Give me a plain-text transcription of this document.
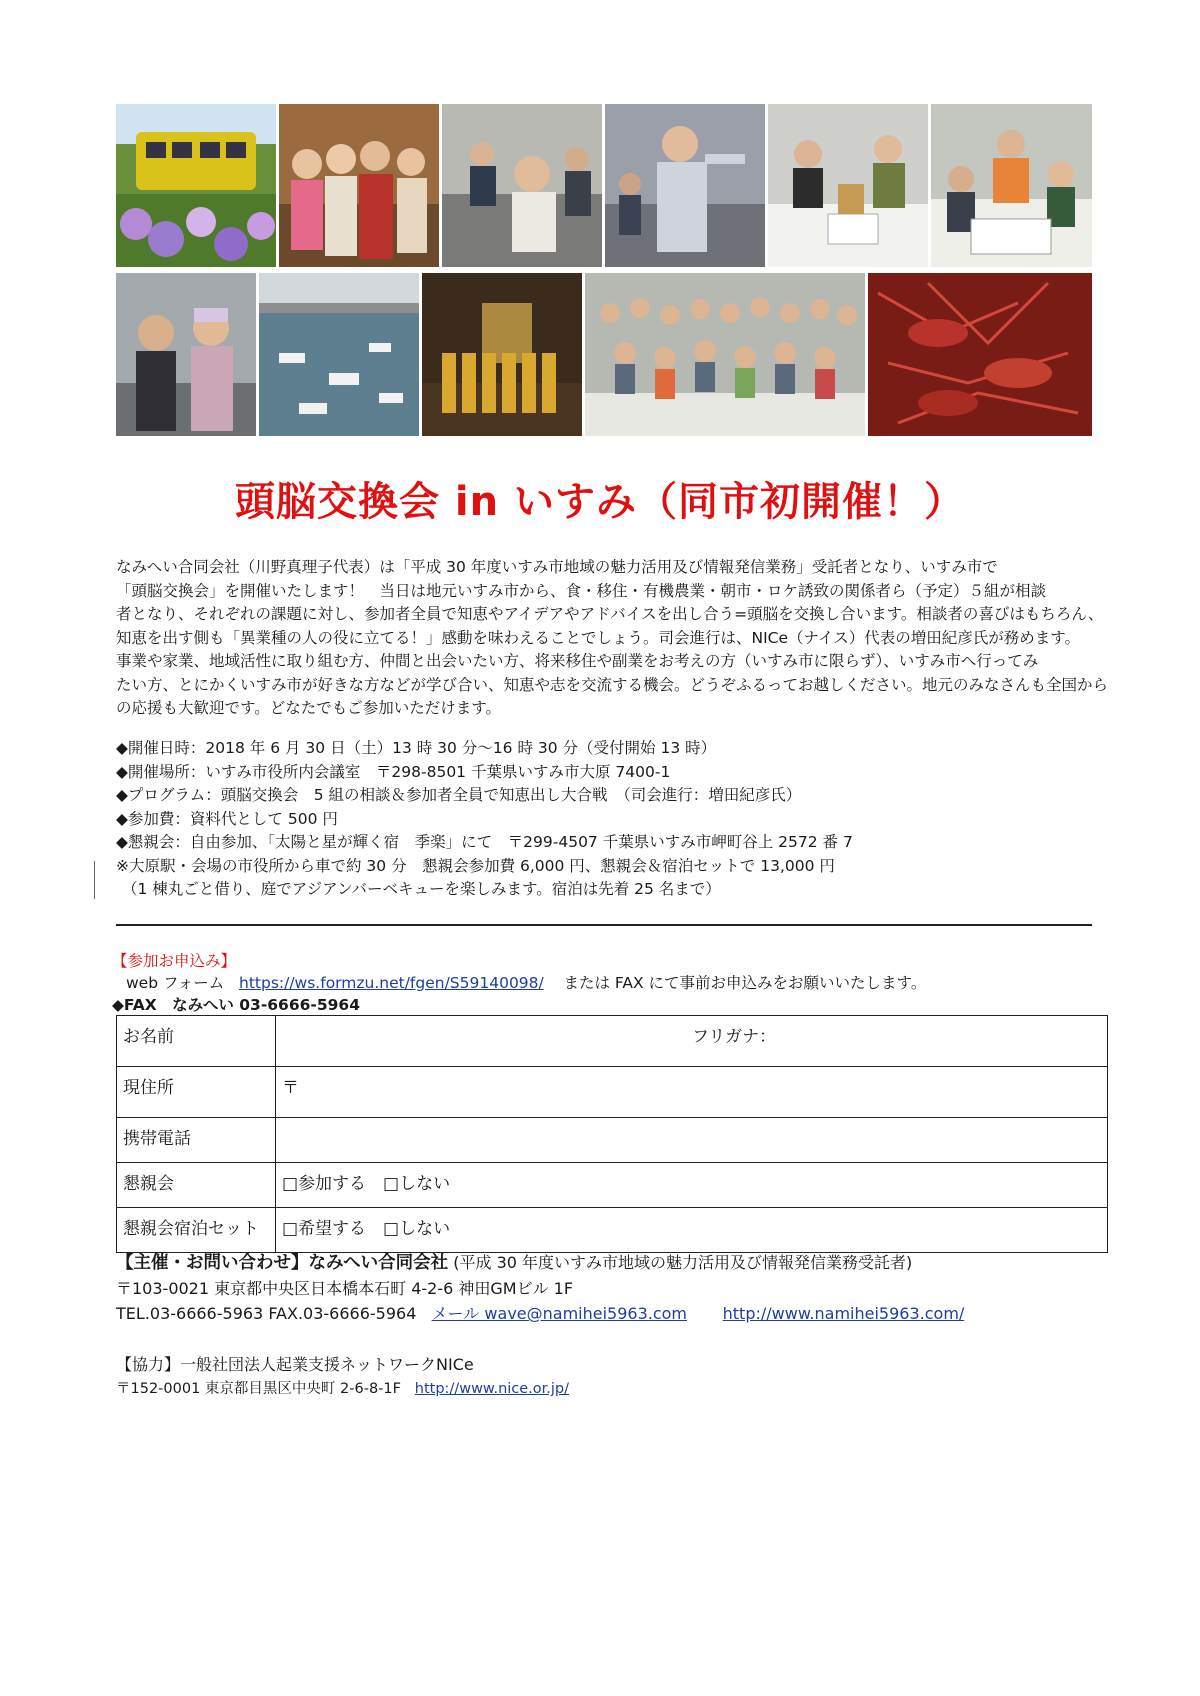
頭脳交換会 in いすみ（同市初開催！）

なみへい合同会社（川野真理子代表）は「平成 30 年度いすみ市地域の魅力活用及び情報発信業務」受託者となり、いすみ市で

「頭脳交換会」を開催いたします！　当日は地元いすみ市から、食・移住・有機農業・朝市・ロケ誘致の関係者ら（予定）５組が相談

者となり、それぞれの課題に対し、参加者全員で知恵やアイデアやアドバイスを出し合う=頭脳を交換し合います。相談者の喜びはもちろん、

知恵を出す側も「異業種の人の役に立てる！」感動を味わえることでしょう。司会進行は、NICe（ナイス）代表の増田紀彦氏が務めます。

事業や家業、地域活性に取り組む方、仲間と出会いたい方、将来移住や副業をお考えの方（いすみ市に限らず）、いすみ市へ行ってみ

たい方、とにかくいすみ市が好きな方などが学び合い、知恵や志を交流する機会。どうぞふるってお越しください。地元のみなさんも全国から

の応援も大歓迎です。どなたでもご参加いただけます。

◆開催日時：2018 年 6 月 30 日（土）13 時 30 分～16 時 30 分（受付開始 13 時）

◆開催場所：いすみ市役所内会議室　〒298-8501 千葉県いすみ市大原 7400-1

◆プログラム：頭脳交換会　5 組の相談＆参加者全員で知恵出し大合戦　（司会進行：増田紀彦氏）

◆参加費：資料代として 500 円

◆懇親会：自由参加、「太陽と星が輝く宿　季楽」にて　〒299-4507 千葉県いすみ市岬町谷上 2572 番 7

※大原駅・会場の市役所から車で約 30 分　懇親会参加費 6,000 円、懇親会＆宿泊セットで 13,000 円

（1 棟丸ごと借り、庭でアジアンバーベキューを楽しみます。宿泊は先着 25 名まで）

【参加お申込み】

web フォーム https://ws.formzu.net/fgen/S59140098/ または FAX にて事前お申込みをお願いいたします。

◆FAX　なみへい 03-6666-5964

お名前	フリガナ：
現住所	〒
携帯電話	
懇親会	□参加する　□しない
懇親会宿泊セット	□希望する　□しない

【主催・お問い合わせ】なみへい合同会社 (平成 30 年度いすみ市地域の魅力活用及び情報発信業務受託者)

〒103-0021 東京都中央区日本橋本石町 4-2-6 神田GMビル 1F

TEL.03-6666-5963 FAX.03-6666-5964 メール wave@namihei5963.com http://www.namihei5963.com/

【協力】一般社団法人起業支援ネットワークNICe

〒152-0001 東京都目黒区中央町 2-6-8-1F http://www.nice.or.jp/
